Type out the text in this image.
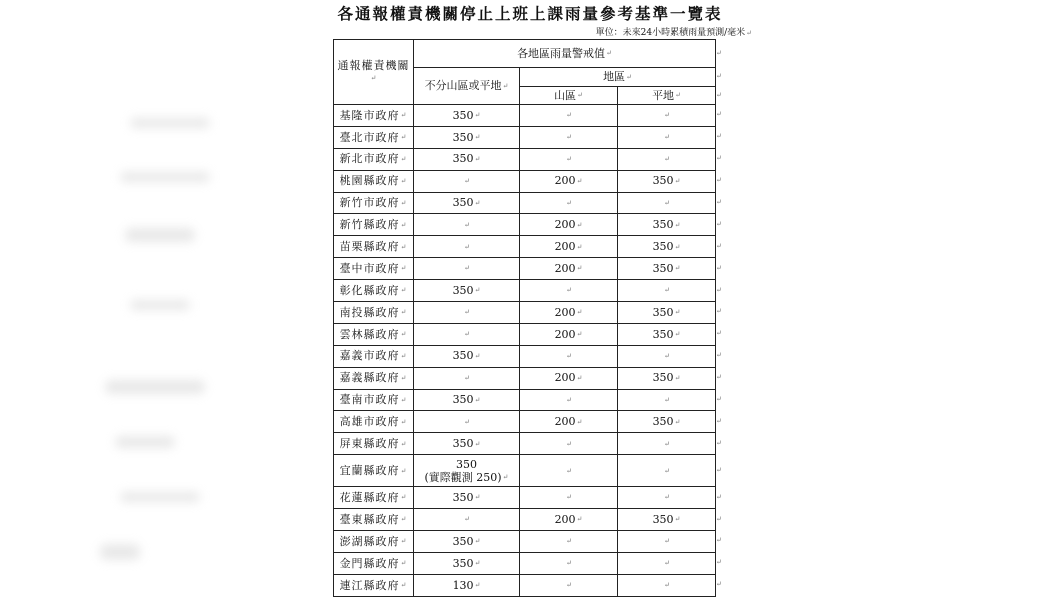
各通報權責機關停止上班上課雨量參考基準一覽表
單位：未來24小時累積雨量預測/毫米↵
通報權責機關↵	各地區雨量警戒值↵		
	不分山區或平地↵	地區↵	
		山區↵	平地↵
基隆市政府↵	350↵	↵	↵
臺北市政府↵	350↵	↵	↵
新北市政府↵	350↵	↵	↵
桃園縣政府↵	↵	200↵	350↵
新竹市政府↵	350↵	↵	↵
新竹縣政府↵	↵	200↵	350↵
苗栗縣政府↵	↵	200↵	350↵
臺中市政府↵	↵	200↵	350↵
彰化縣政府↵	350↵	↵	↵
南投縣政府↵	↵	200↵	350↵
雲林縣政府↵	↵	200↵	350↵
嘉義市政府↵	350↵	↵	↵
嘉義縣政府↵	↵	200↵	350↵
臺南市政府↵	350↵	↵	↵
高雄市政府↵	↵	200↵	350↵
屏東縣政府↵	350↵	↵	↵
宜蘭縣政府↵	350
(實際觀測 250)↵	↵	↵
花蓮縣政府↵	350↵	↵	↵
臺東縣政府↵	↵	200↵	350↵
澎湖縣政府↵	350↵	↵	↵
金門縣政府↵	350↵	↵	↵
連江縣政府↵	130↵	↵	↵
↵
↵
↵
↵
↵
↵
↵
↵
↵
↵
↵
↵
↵
↵
↵
↵
↵
↵
↵
↵
↵
↵
↵
↵
↵
